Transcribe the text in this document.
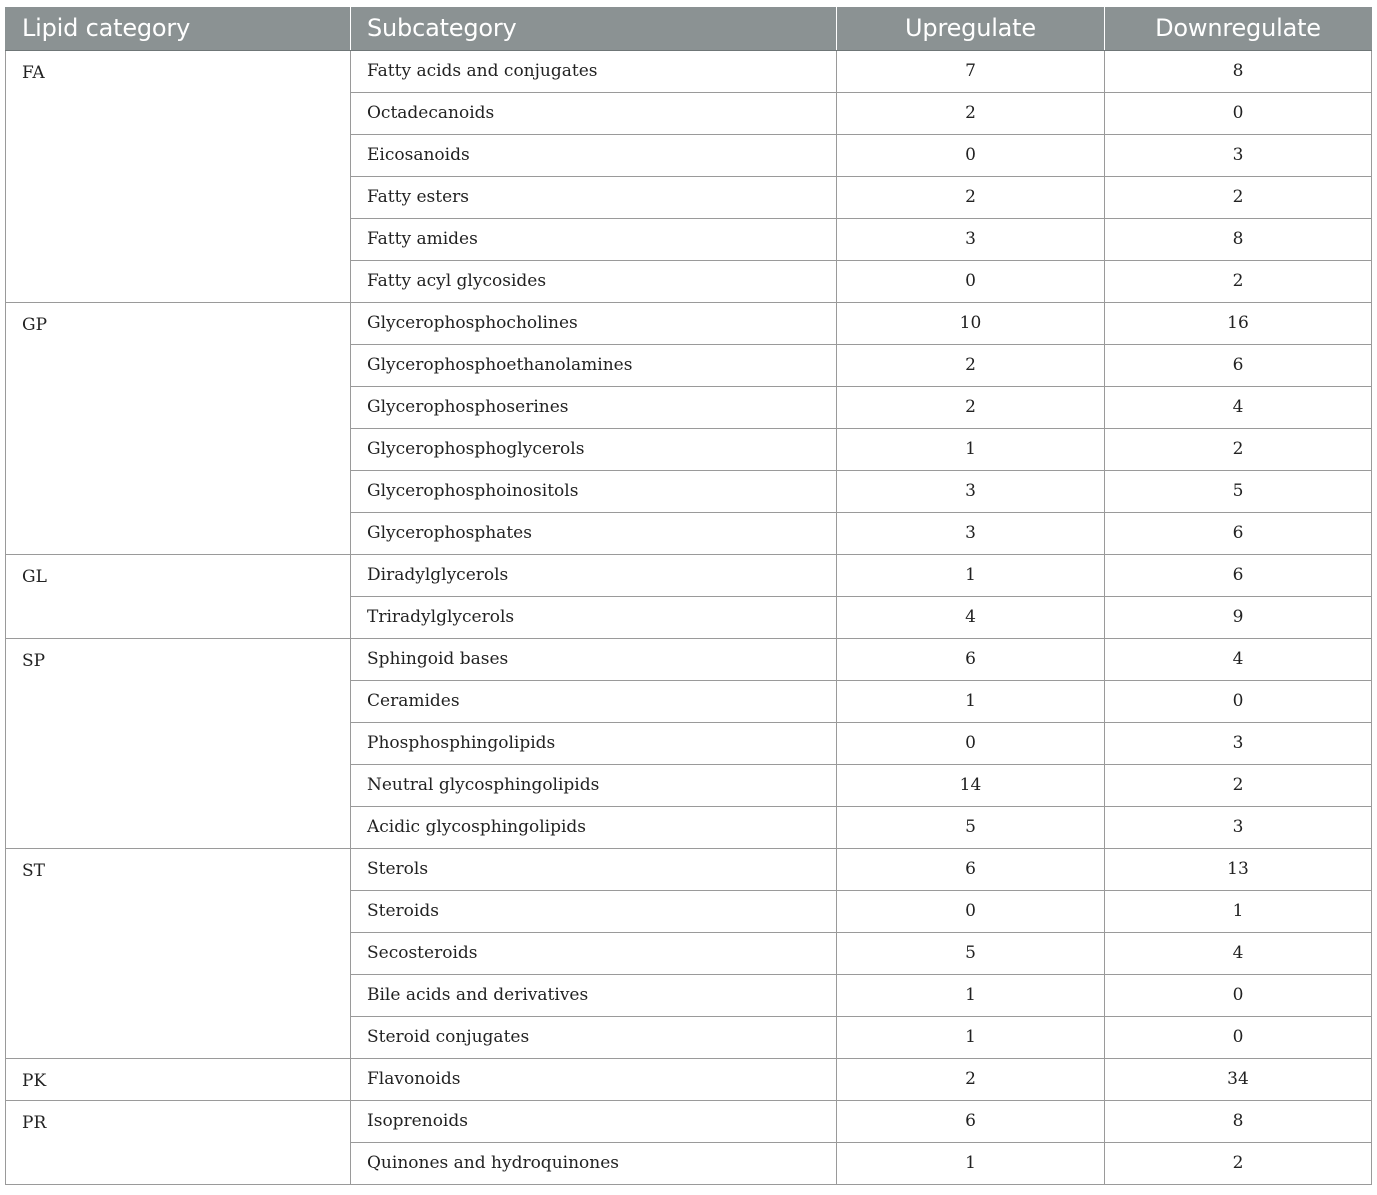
Lipid category	Subcategory	Upregulate	Downregulate
FA	Fatty acids and conjugates	7	8
	Octadecanoids	2	0
	Eicosanoids	0	3
	Fatty esters	2	2
	Fatty amides	3	8
	Fatty acyl glycosides	0	2
GP	Glycerophosphocholines	10	16
	Glycerophosphoethanolamines	2	6
	Glycerophosphoserines	2	4
	Glycerophosphoglycerols	1	2
	Glycerophosphoinositols	3	5
	Glycerophosphates	3	6
GL	Diradylglycerols	1	6
	Triradylglycerols	4	9
SP	Sphingoid bases	6	4
	Ceramides	1	0
	Phosphosphingolipids	0	3
	Neutral glycosphingolipids	14	2
	Acidic glycosphingolipids	5	3
ST	Sterols	6	13
	Steroids	0	1
	Secosteroids	5	4
	Bile acids and derivatives	1	0
	Steroid conjugates	1	0
PK	Flavonoids	2	34
PR	Isoprenoids	6	8
	Quinones and hydroquinones	1	2
